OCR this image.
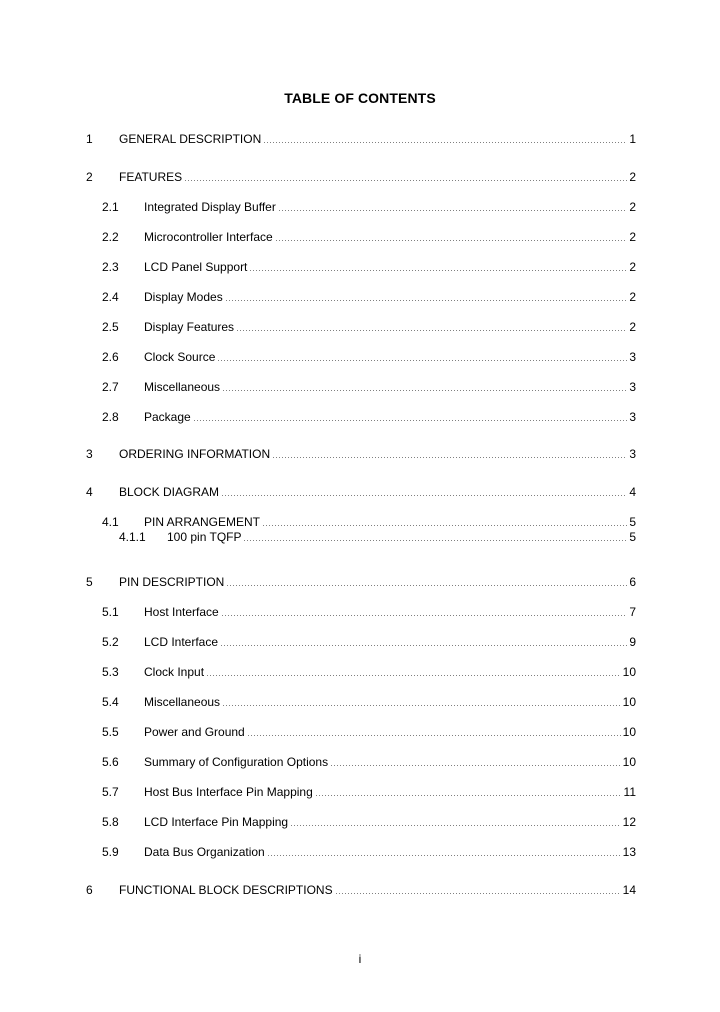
TABLE OF CONTENTS
1 GENERAL DESCRIPTION	1
2 FEATURES	2
2.1 Integrated Display Buffer	2
2.2 Microcontroller Interface	2
2.3 LCD Panel Support	2
2.4 Display Modes	2
2.5 Display Features	2
2.6 Clock Source	3
2.7 Miscellaneous	3
2.8 Package	3
3 ORDERING INFORMATION	3
4 BLOCK DIAGRAM	4
4.1 PIN ARRANGEMENT	5
4.1.1 100 pin TQFP	5
5 PIN DESCRIPTION	6
5.1 Host Interface	7
5.2 LCD Interface	9
5.3 Clock Input	10
5.4 Miscellaneous	10
5.5 Power and Ground	10
5.6 Summary of Configuration Options	10
5.7 Host Bus Interface Pin Mapping	11
5.8 LCD Interface Pin Mapping	12
5.9 Data Bus Organization	13
6 FUNCTIONAL BLOCK DESCRIPTIONS	14
i
